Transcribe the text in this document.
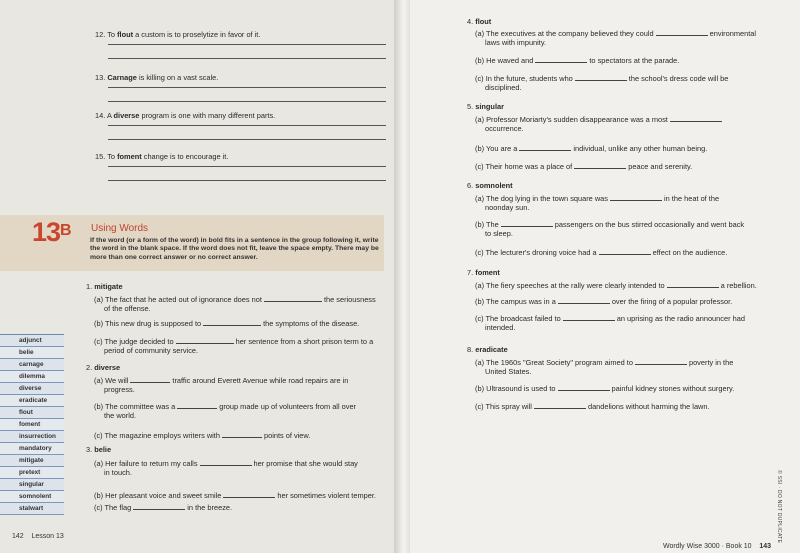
12. To flout a custom is to proselytize in favor of it.
13. Carnage is killing on a vast scale.
14. A diverse program is one with many different parts.
15. To foment change is to encourage it.
$13^B$ Using Words
If the word (or a form of the word) in bold fits in a sentence in the group following it, write the word in the blank space. If the word does not fit, leave the space empty. There may be more than one correct answer or no correct answer.
1. mitigate
(a) The fact that he acted out of ignorance does not	the seriousness
of the offense.
(b) This new drug is supposed to	the symptoms of the disease.
(c) The judge decided to	her sentence from a short prison term to a
period of community service.
2. diverse
(a) We will	traffic around Everett Avenue while road repairs are in
progress.
(b) The committee was a	group made up of volunteers from all over
the world.
(c) The magazine employs writers with	points of view.
3. belie
(a) Her failure to return my calls	her promise that she would stay
in touch.
(b) Her pleasant voice and sweet smile	her sometimes violent temper.
(c) The flag	in the breeze.
adjunct
belie
carnage
dilemma
diverse
eradicate
flout
foment
insurrection
mandatory
mitigate
pretext
singular
somnolent
stalwart
142 Lesson 13
4. flout
(a) The executives at the company believed they could	environmental
laws with impunity.
(b) He waved and	to spectators at the parade.
(c) In the future, students who	the school's dress code will be
disciplined.
5. singular
(a) Professor Moriarty's sudden disappearance was a most
occurrence.
(b) You are a	individual, unlike any other human being.
(c) Their home was a place of	peace and serenity.
6. somnolent
(a) The dog lying in the town square was	in the heat of the
noonday sun.
(b) The	passengers on the bus stirred occasionally and went back
to sleep.
(c) The lecturer's droning voice had a	effect on the audience.
7. foment
(a) The fiery speeches at the rally were clearly intended to	a rebellion.
(b) The campus was in a	over the firing of a popular professor.
(c) The broadcast failed to	an uprising as the radio announcer had
intended.
8. eradicate
(a) The 1960s "Great Society" program aimed to	poverty in the
United States.
(b) Ultrasound is used to	painful kidney stones without surgery.
(c) This spray will	dandelions without harming the lawn.
Wordly Wise 3000 · Book 10 143
© SSI · DO NOT DUPLICATE
